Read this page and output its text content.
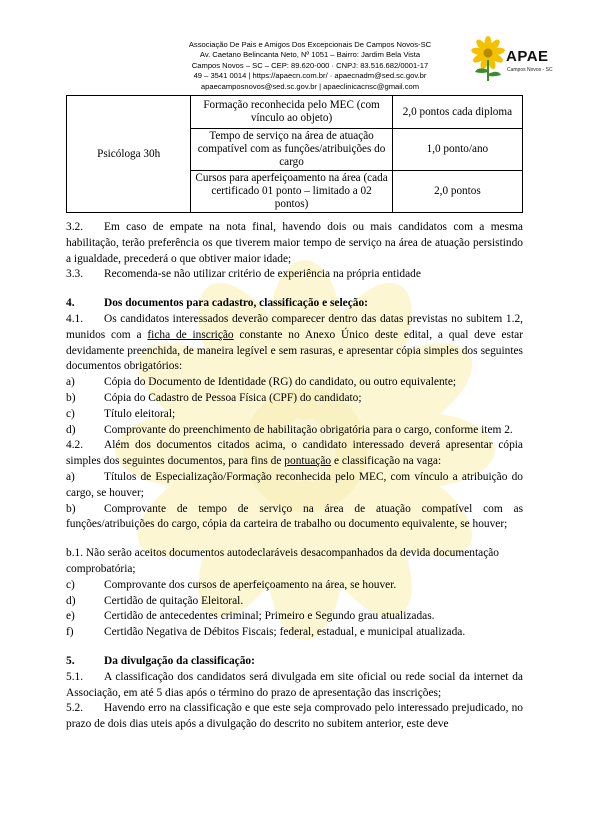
Associação De Pais e Amigos Dos Excepcionais De Campos Novos-SC
Av. Caetano Belincanta Neto, Nº 1051 – Bairro: Jardim Bela Vista
Campos Novos – SC – CEP: 89.620-000 · CNPJ: 83.516.682/0001-17
49 – 3541 0014 | https://apaecn.com.br/ · apaecnadm@sed.sc.gov.br
apaecamposnovos@sed.sc.gov.br | apaeclinicacnsc@gmail.com
APAE
Campos Novos - SC
Psicóloga 30h	Formação reconhecida pelo MEC (com vínculo ao objeto)	2,0 pontos cada diploma
	Tempo de serviço na área de atuação compatível com as funções/atribuições do cargo	1,0 ponto/ano
	Cursos para aperfeiçoamento na área (cada certificado 01 ponto – limitado a 02 pontos)	2,0 pontos

3.2. Em caso de empate na nota final, havendo dois ou mais candidatos com a mesma habilitação, terão preferência os que tiverem maior tempo de serviço na área de atuação persistindo a igualdade, precederá o que obtiver maior idade;

3.3. Recomenda-se não utilizar critério de experiência na própria entidade

4.	Dos documentos para cadastro, classificação e seleção:

4.1. Os candidatos interessados deverão comparecer dentro das datas previstas no subitem 1.2, munidos com a ficha de inscrição constante no Anexo Único deste edital, a qual deve estar devidamente preenchida, de maneira legível e sem rasuras, e apresentar cópia simples dos seguintes documentos obrigatórios:

a)	Cópia do Documento de Identidade (RG) do candidato, ou outro equivalente;
b)	Cópia do Cadastro de Pessoa Física (CPF) do candidato;
c)	Título eleitoral;

d)	Comprovante do preenchimento de habilitação obrigatória para o cargo, conforme item 2.

4.2. Além dos documentos citados acima, o candidato interessado deverá apresentar cópia simples dos seguintes documentos, para fins de pontuação e classificação na vaga:

a)	Títulos de Especialização/Formação reconhecida pelo MEC, com vínculo a atribuição do cargo, se houver;

b)	Comprovante de tempo de serviço na área de atuação compatível com as funções/atribuições do cargo, cópia da carteira de trabalho ou documento equivalente, se houver;

b.1. Não serão aceitos documentos autodeclaráveis desacompanhados da devida documentação comprobatória;

c)	Comprovante dos cursos de aperfeiçoamento na área, se houver.
d)	Certidão de quitação Eleitoral.
e)	Certidão de antecedentes criminal; Primeiro e Segundo grau atualizadas.
f)	Certidão Negativa de Débitos Fiscais; federal, estadual, e municipal atualizada.

5.	Da divulgação da classificação:

5.1. A classificação dos candidatos será divulgada em site oficial ou rede social da internet da Associação, em até 5 dias após o término do prazo de apresentação das inscrições;

5.2. Havendo erro na classificação e que este seja comprovado pelo interessado prejudicado, no prazo de dois dias uteis após a divulgação do descrito no subitem anterior, este deve
